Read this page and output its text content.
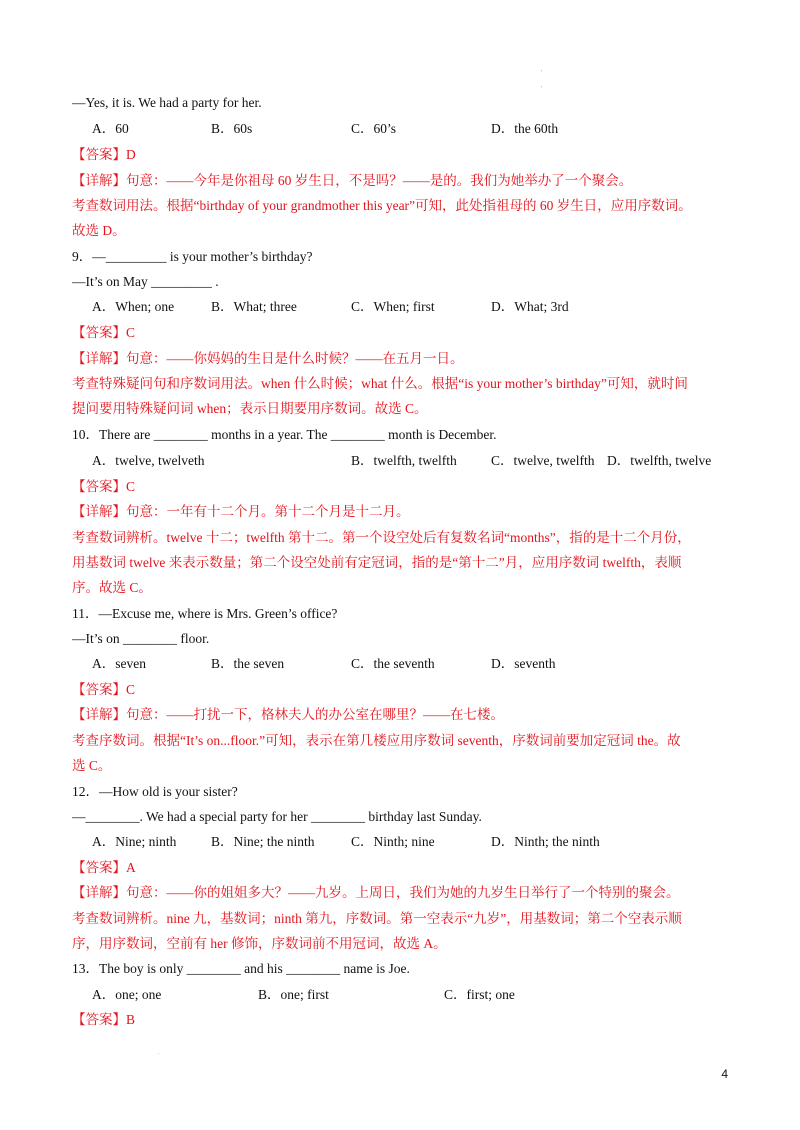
'
'
—Yes, it is. We had a party for her.
A．60	B．60s	C．60’s	D．the 60th
【答案】D
【详解】句意：——今年是你祖母 60 岁生日，不是吗？——是的。我们为她举办了一个聚会。
考查数词用法。根据“birthday of your grandmother this year”可知，此处指祖母的 60 岁生日，应用序数词。
故选 D。
9．—_________ is your mother’s birthday?
—It’s on May _________ .
A．When; one	B．What; three	C．When; first	D．What; 3rd
【答案】C
【详解】句意：——你妈妈的生日是什么时候？——在五月一日。
考查特殊疑问句和序数词用法。when 什么时候；what 什么。根据“is your mother’s birthday”可知，就时间
提问要用特殊疑问词 when；表示日期要用序数词。故选 C。
10．There are ________ months in a year. The ________ month is December.
A．twelve, twelveth	B．twelfth, twelfth	C．twelve, twelfth D．twelfth, twelve
【答案】C
【详解】句意：一年有十二个月。第十二个月是十二月。
考查数词辨析。twelve 十二；twelfth 第十二。第一个设空处后有复数名词“months”，指的是十二个月份，
用基数词 twelve 来表示数量；第二个设空处前有定冠词，指的是“第十二”月，应用序数词 twelfth，表顺
序。故选 C。
11．—Excuse me, where is Mrs. Green’s office?
—It’s on ________ floor.
A．seven	B．the seven	C．the seventh	D．seventh
【答案】C
【详解】句意：——打扰一下，格林夫人的办公室在哪里？——在七楼。
考查序数词。根据“It’s on...floor.”可知，表示在第几楼应用序数词 seventh，序数词前要加定冠词 the。故
选 C。
12．—How old is your sister?
—________. We had a special party for her ________ birthday last Sunday.
A．Nine; ninth	B．Nine; the ninth	C．Ninth; nine	D．Ninth; the ninth
【答案】A
【详解】句意：——你的姐姐多大？——九岁。上周日，我们为她的九岁生日举行了一个特别的聚会。
考查数词辨析。nine 九，基数词；ninth 第九，序数词。第一空表示“九岁”，用基数词；第二个空表示顺
序，用序数词，空前有 her 修饰，序数词前不用冠词，故选 A。
13．The boy is only ________ and his ________ name is Joe.
A．one; one	B．one; first	C．first; one
【答案】B
.
4
